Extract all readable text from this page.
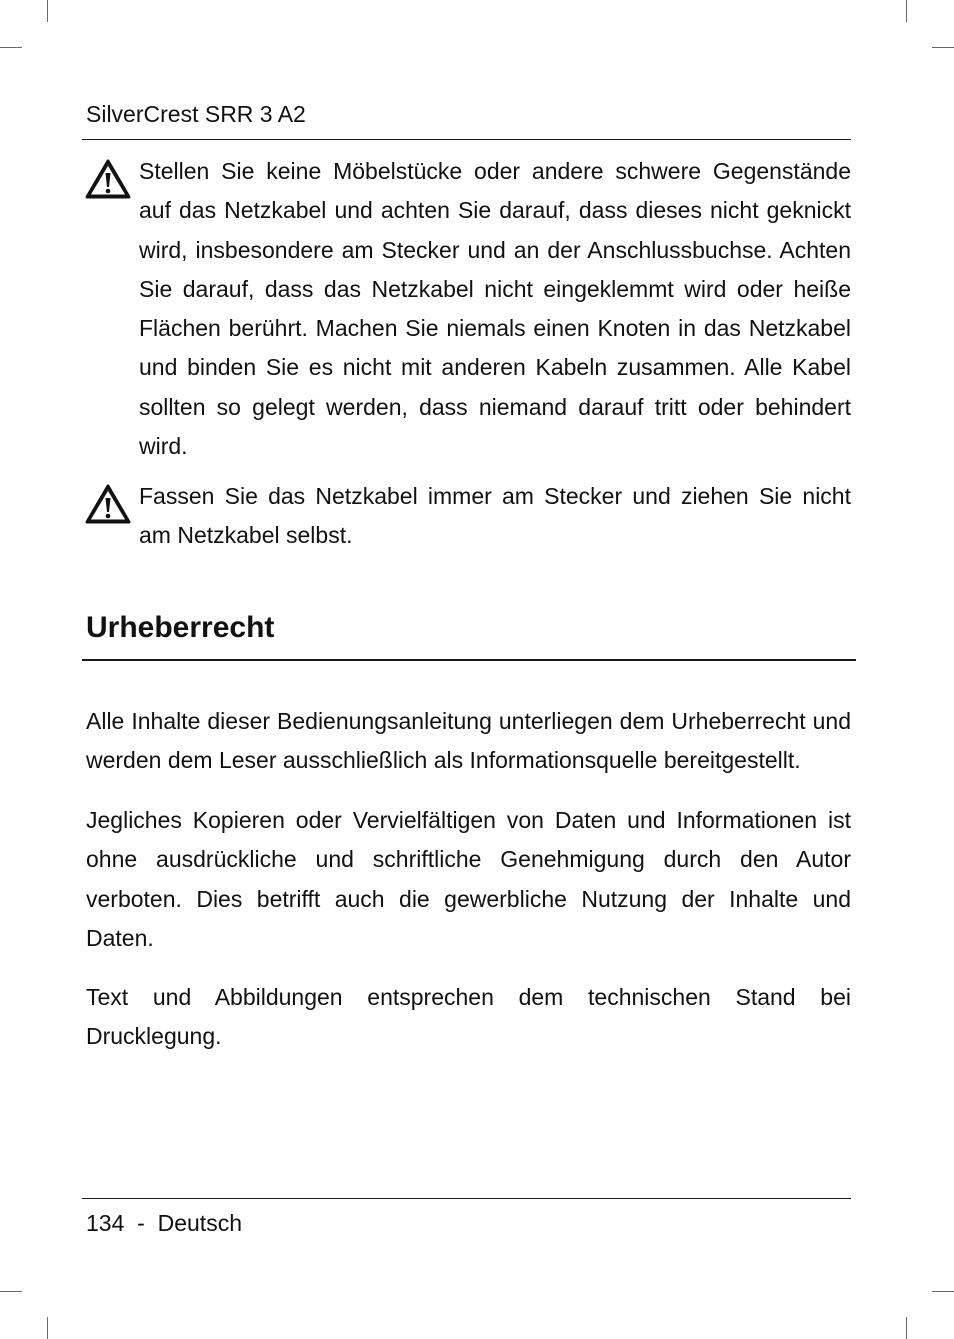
SilverCrest SRR 3 A2
Stellen Sie keine Möbelstücke oder andere schwere Gegenstände auf das Netzkabel und achten Sie darauf, dass dieses nicht geknickt wird, insbesondere am Stecker und an der Anschlussbuchse. Achten Sie darauf, dass das Netzkabel nicht eingeklemmt wird oder heiße Flächen berührt. Machen Sie niemals einen Knoten in das Netzkabel und binden Sie es nicht mit anderen Kabeln zusammen. Alle Kabel sollten so gelegt werden, dass niemand darauf tritt oder behindert wird.
Fassen Sie das Netzkabel immer am Stecker und ziehen Sie nicht am Netzkabel selbst.
Urheberrecht
Alle Inhalte dieser Bedienungsanleitung unterliegen dem Urheberrecht und werden dem Leser ausschließlich als Informationsquelle bereitgestellt.
Jegliches Kopieren oder Vervielfältigen von Daten und Informationen ist ohne ausdrückliche und schriftliche Genehmigung durch den Autor verboten. Dies betrifft auch die gewerbliche Nutzung der Inhalte und Daten.
Text und Abbildungen entsprechen dem technischen Stand bei Drucklegung.
134 - Deutsch
